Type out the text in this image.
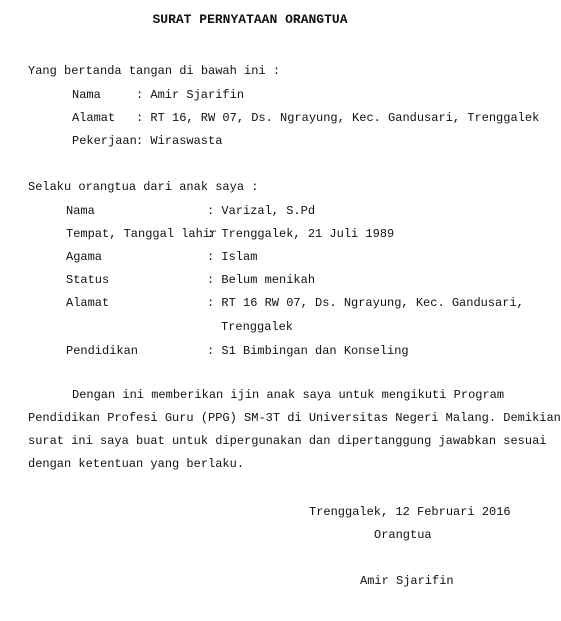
SURAT PERNYATAAN ORANGTUA
Yang bertanda tangan di bawah ini :
Nama	: Amir Sjarifin
Alamat : RT 16, RW 07, Ds. Ngrayung, Kec. Gandusari, Trenggalek
Pekerjaan : Wiraswasta
Selaku orangtua dari anak saya :
Nama	: Varizal, S.Pd
Tempat, Tanggal lahir
: Trenggalek, 21 Juli 1989
Agama	: Islam
Status	: Belum menikah
Alamat	: RT 16 RW 07, Ds. Ngrayung, Kec. Gandusari,
Trenggalek
Pendidikan	: S1 Bimbingan dan Konseling
Dengan ini memberikan ijin anak saya untuk mengikuti Program
Pendidikan Profesi Guru (PPG) SM-3T di Universitas Negeri Malang. Demikian
surat ini saya buat untuk dipergunakan dan dipertanggung jawabkan sesuai
dengan ketentuan yang berlaku.
Trenggalek, 12 Februari 2016
Orangtua
Amir Sjarifin
